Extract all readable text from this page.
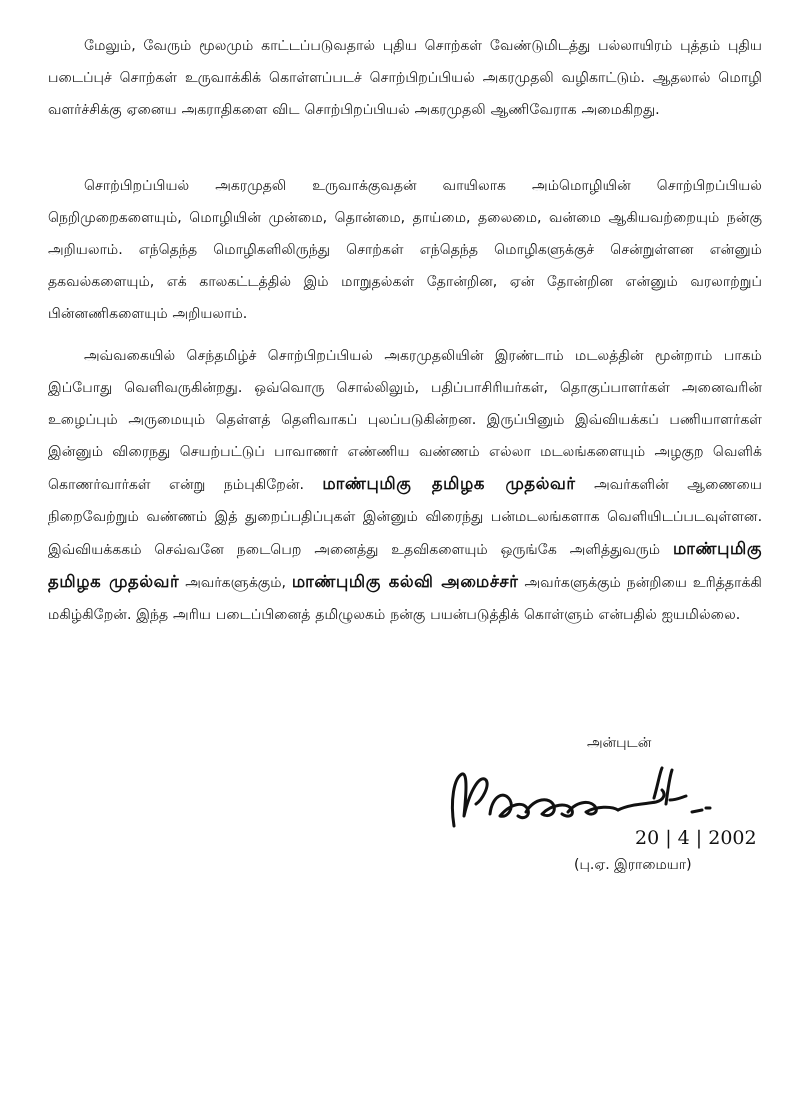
மேலும், வேரும் மூலமும் காட்டப்படுவதால் புதிய சொற்கள் வேண்டுமிடத்து பல்லாயிரம் புத்தம் புதிய படைப்புச் சொற்கள் உருவாக்கிக் கொள்ளப்படச் சொற்பிறப்பியல் அகரமுதலி வழிகாட்டும். ஆதலால் மொழி வளர்ச்சிக்கு ஏனைய அகராதிகளை விட சொற்பிறப்பியல் அகரமுதலி ஆணிவேராக அமைகிறது.

சொற்பிறப்பியல் அகரமுதலி உருவாக்குவதன் வாயிலாக அம்மொழியின் சொற்பிறப்பியல் நெறிமுறைகளையும், மொழியின் முன்மை, தொன்மை, தாய்மை, தலைமை, வன்மை ஆகியவற்றையும் நன்கு அறியலாம். எந்தெந்த மொழிகளிலிருந்து சொற்கள் எந்தெந்த மொழிகளுக்குச் சென்றுள்ளன என்னும் தகவல்களையும், எக் காலகட்டத்தில் இம் மாறுதல்கள் தோன்றின, ஏன் தோன்றின என்னும் வரலாற்றுப் பின்னணிகளையும் அறியலாம்.

அவ்வகையில் செந்தமிழ்ச் சொற்பிறப்பியல் அகரமுதலியின் இரண்டாம் மடலத்தின் மூன்றாம் பாகம் இப்போது வெளிவருகின்றது. ஒவ்வொரு சொல்லிலும், பதிப்பாசிரியர்கள், தொகுப்பாளர்கள் அனைவரின் உழைப்பும் அருமையும் தெள்ளத் தெளிவாகப் புலப்படுகின்றன. இருப்பினும் இவ்வியக்கப் பணியாளர்கள் இன்னும் விரைநது செயற்பட்டுப் பாவாணர் எண்ணிய வண்ணம் எல்லா மடலங்களையும் அழகுற வெளிக் கொணர்வார்கள் என்று நம்புகிறேன். மாண்புமிகு தமிழக முதல்வர் அவர்களின் ஆணையை நிறைவேற்றும் வண்ணம் இத் துறைப்பதிப்புகள் இன்னும் விரைந்து பன்மடலங்களாக வெளியிடப்படவுள்ளன. இவ்வியக்ககம் செவ்வனே நடைபெற அனைத்து உதவிகளையும் ஒருங்கே அளித்துவரும் மாண்புமிகு தமிழக முதல்வர் அவர்களுக்கும், மாண்புமிகு கல்வி அமைச்சர் அவர்களுக்கும் நன்றியை உரித்தாக்கி மகிழ்கிறேன். இந்த அரிய படைப்பினைத் தமிழுலகம் நன்கு பயன்படுத்திக் கொள்ளும் என்பதில் ஐயமில்லை.

அன்புடன்
20 | 4 | 2002
(பு.ஏ. இராமையா)
